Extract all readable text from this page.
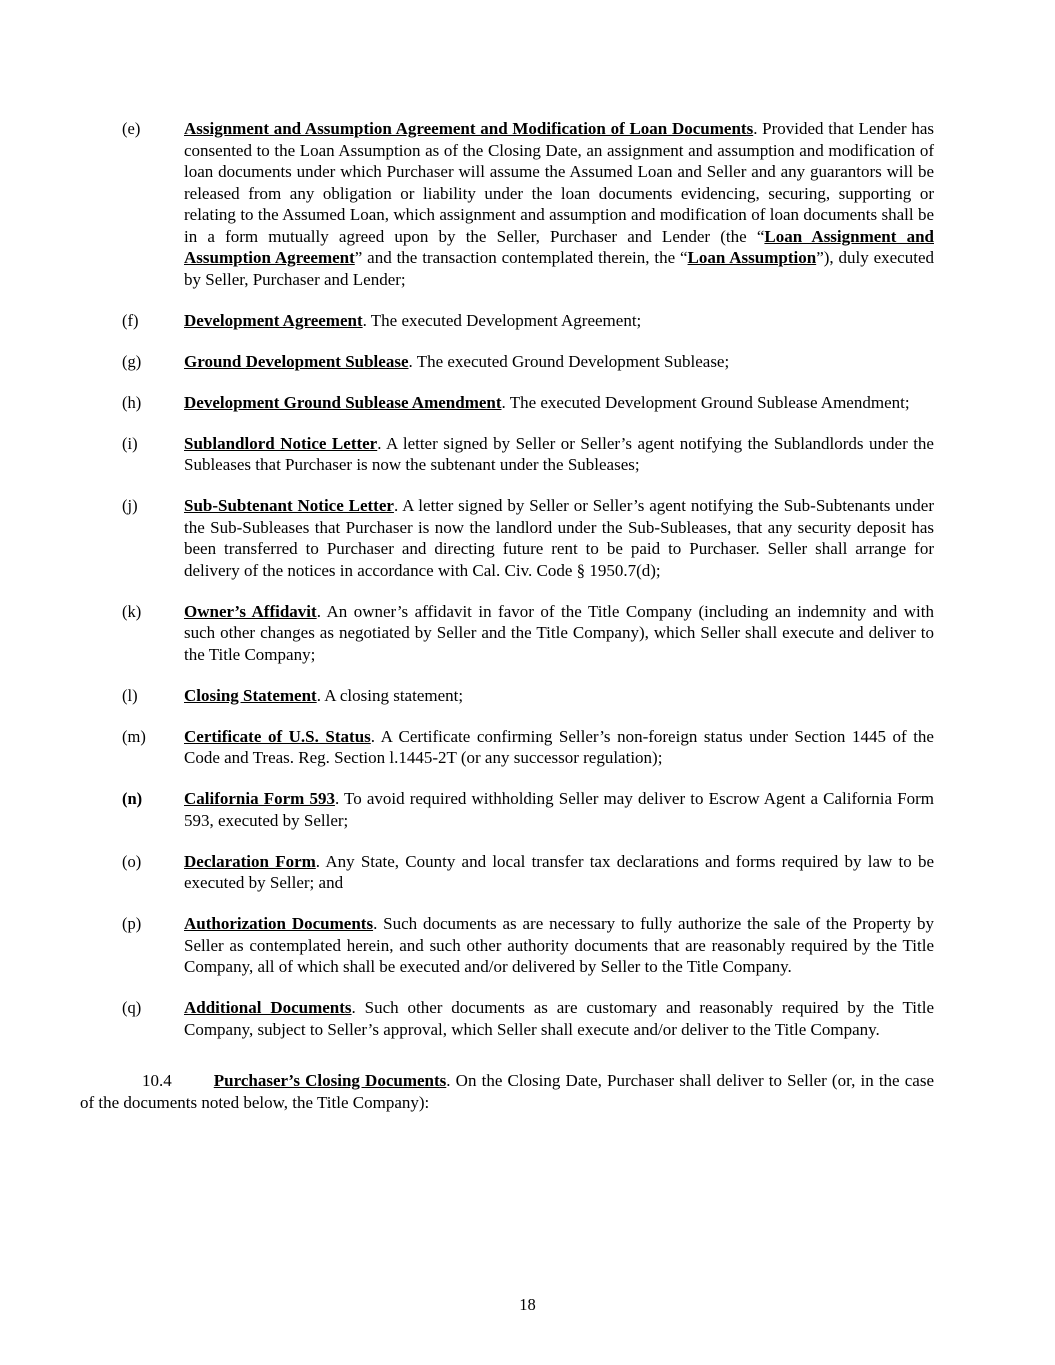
(e)	Assignment and Assumption Agreement and Modification of Loan Documents. Provided that Lender has consented to the Loan Assumption as of the Closing Date, an assignment and assumption and modification of loan documents under which Purchaser will assume the Assumed Loan and Seller and any guarantors will be released from any obligation or liability under the loan documents evidencing, securing, supporting or relating to the Assumed Loan, which assignment and assumption and modification of loan documents shall be in a form mutually agreed upon by the Seller, Purchaser and Lender (the “Loan Assignment and Assumption Agreement” and the transaction contemplated therein, the “Loan Assumption”), duly executed by Seller, Purchaser and Lender;
(f)	Development Agreement. The executed Development Agreement;
(g)	Ground Development Sublease. The executed Ground Development Sublease;
(h)	Development Ground Sublease Amendment. The executed Development Ground Sublease Amendment;
(i)	Sublandlord Notice Letter. A letter signed by Seller or Seller’s agent notifying the Sublandlords under the Subleases that Purchaser is now the subtenant under the Subleases;
(j)	Sub-Subtenant Notice Letter. A letter signed by Seller or Seller’s agent notifying the Sub-Subtenants under the Sub-Subleases that Purchaser is now the landlord under the Sub-Subleases, that any security deposit has been transferred to Purchaser and directing future rent to be paid to Purchaser. Seller shall arrange for delivery of the notices in accordance with Cal. Civ. Code § 1950.7(d);
(k)	Owner’s Affidavit. An owner’s affidavit in favor of the Title Company (including an indemnity and with such other changes as negotiated by Seller and the Title Company), which Seller shall execute and deliver to the Title Company;
(l)	Closing Statement. A closing statement;
(m)	Certificate of U.S. Status. A Certificate confirming Seller’s non-foreign status under Section 1445 of the Code and Treas. Reg. Section l.1445-2T (or any successor regulation);
(n)	California Form 593. To avoid required withholding Seller may deliver to Escrow Agent a California Form 593, executed by Seller;
(o)	Declaration Form. Any State, County and local transfer tax declarations and forms required by law to be executed by Seller; and
(p)	Authorization Documents. Such documents as are necessary to fully authorize the sale of the Property by Seller as contemplated herein, and such other authority documents that are reasonably required by the Title Company, all of which shall be executed and/or delivered by Seller to the Title Company.
(q)	Additional Documents. Such other documents as are customary and reasonably required by the Title Company, subject to Seller’s approval, which Seller shall execute and/or deliver to the Title Company.
10.4 Purchaser’s Closing Documents. On the Closing Date, Purchaser shall deliver to Seller (or, in the case of the documents noted below, the Title Company):
18
